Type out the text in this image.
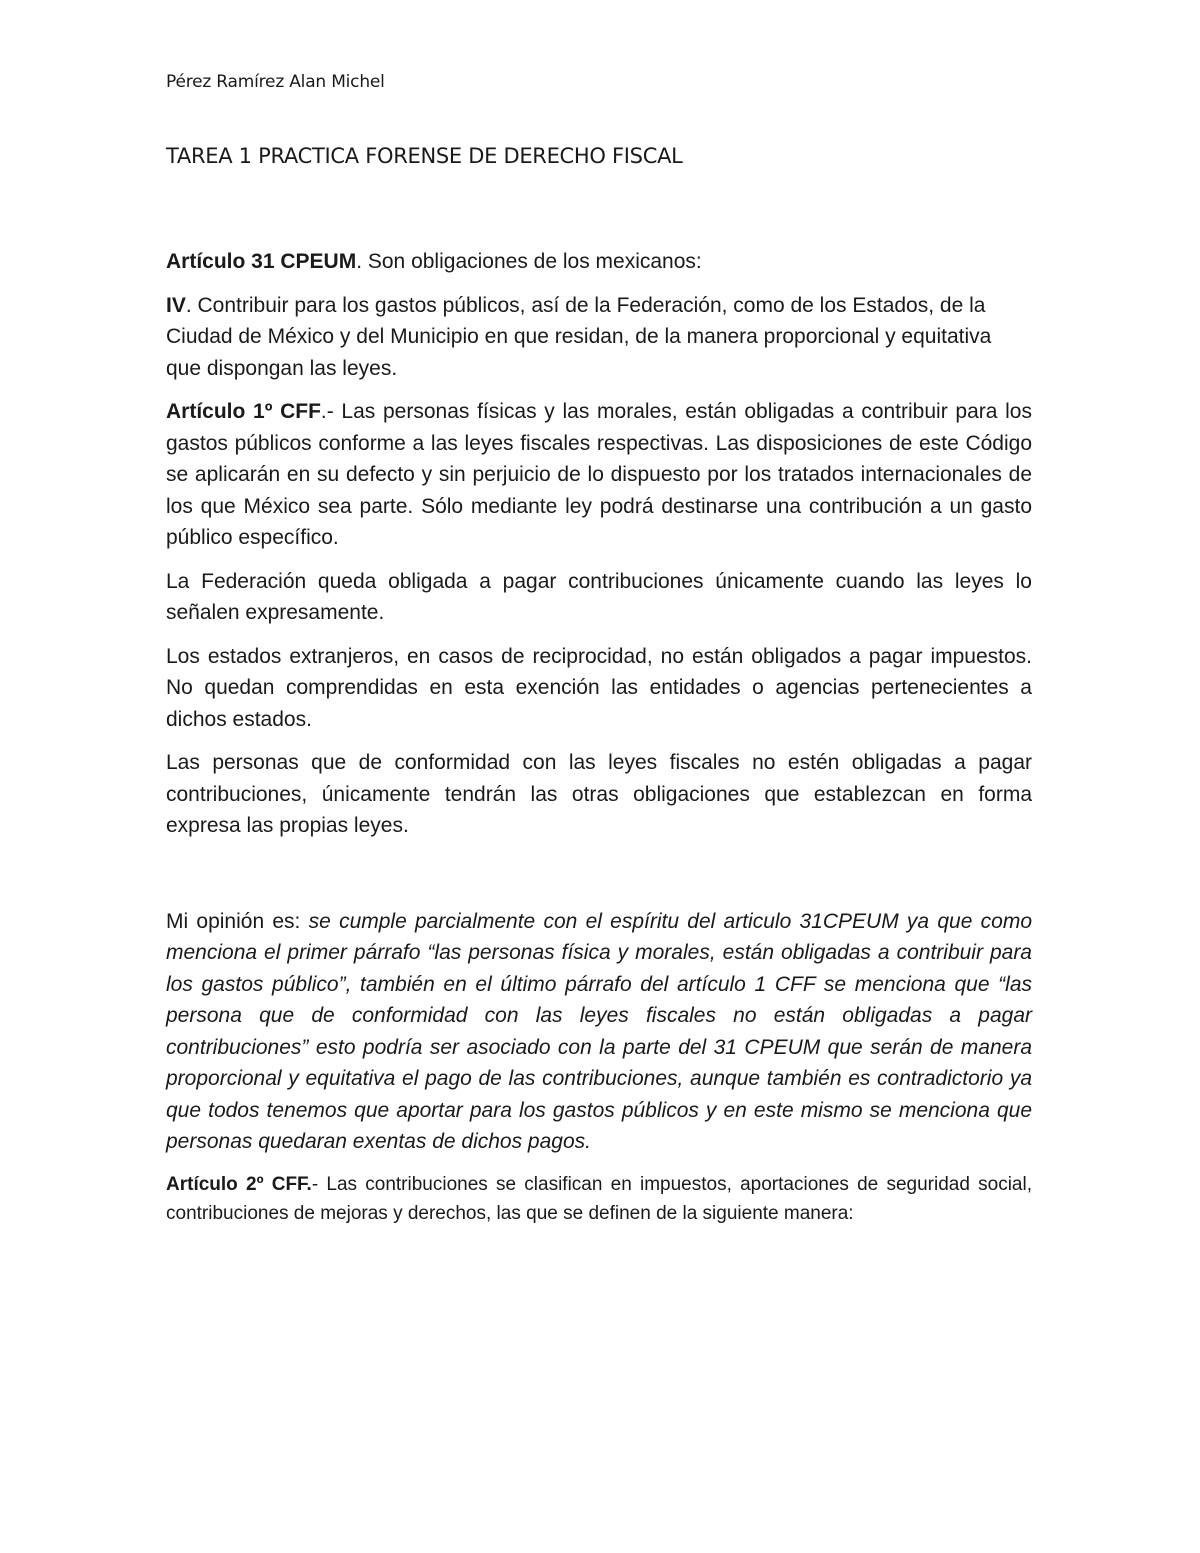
Pérez Ramírez Alan Michel
TAREA 1 PRACTICA FORENSE DE DERECHO FISCAL

Artículo 31 CPEUM. Son obligaciones de los mexicanos:

IV. Contribuir para los gastos públicos, así de la Federación, como de los Estados, de la Ciudad de México y del Municipio en que residan, de la manera proporcional y equitativa que dispongan las leyes.

Artículo 1º CFF.- Las personas físicas y las morales, están obligadas a contribuir para los gastos públicos conforme a las leyes fiscales respectivas. Las disposiciones de este Código se aplicarán en su defecto y sin perjuicio de lo dispuesto por los tratados internacionales de los que México sea parte. Sólo mediante ley podrá destinarse una contribución a un gasto público específico.

La Federación queda obligada a pagar contribuciones únicamente cuando las leyes lo señalen expresamente.

Los estados extranjeros, en casos de reciprocidad, no están obligados a pagar impuestos. No quedan comprendidas en esta exención las entidades o agencias pertenecientes a dichos estados.

Las personas que de conformidad con las leyes fiscales no estén obligadas a pagar contribuciones, únicamente tendrán las otras obligaciones que establezcan en forma expresa las propias leyes.

Mi opinión es: se cumple parcialmente con el espíritu del articulo 31CPEUM ya que como menciona el primer párrafo “las personas física y morales, están obligadas a contribuir para los gastos público”, también en el último párrafo del artículo 1 CFF se menciona que “las persona que de conformidad con las leyes fiscales no están obligadas a pagar contribuciones” esto podría ser asociado con la parte del 31 CPEUM que serán de manera proporcional y equitativa el pago de las contribuciones, aunque también es contradictorio ya que todos tenemos que aportar para los gastos públicos y en este mismo se menciona que personas quedaran exentas de dichos pagos.

Artículo 2º CFF.- Las contribuciones se clasifican en impuestos, aportaciones de seguridad social, contribuciones de mejoras y derechos, las que se definen de la siguiente manera:
